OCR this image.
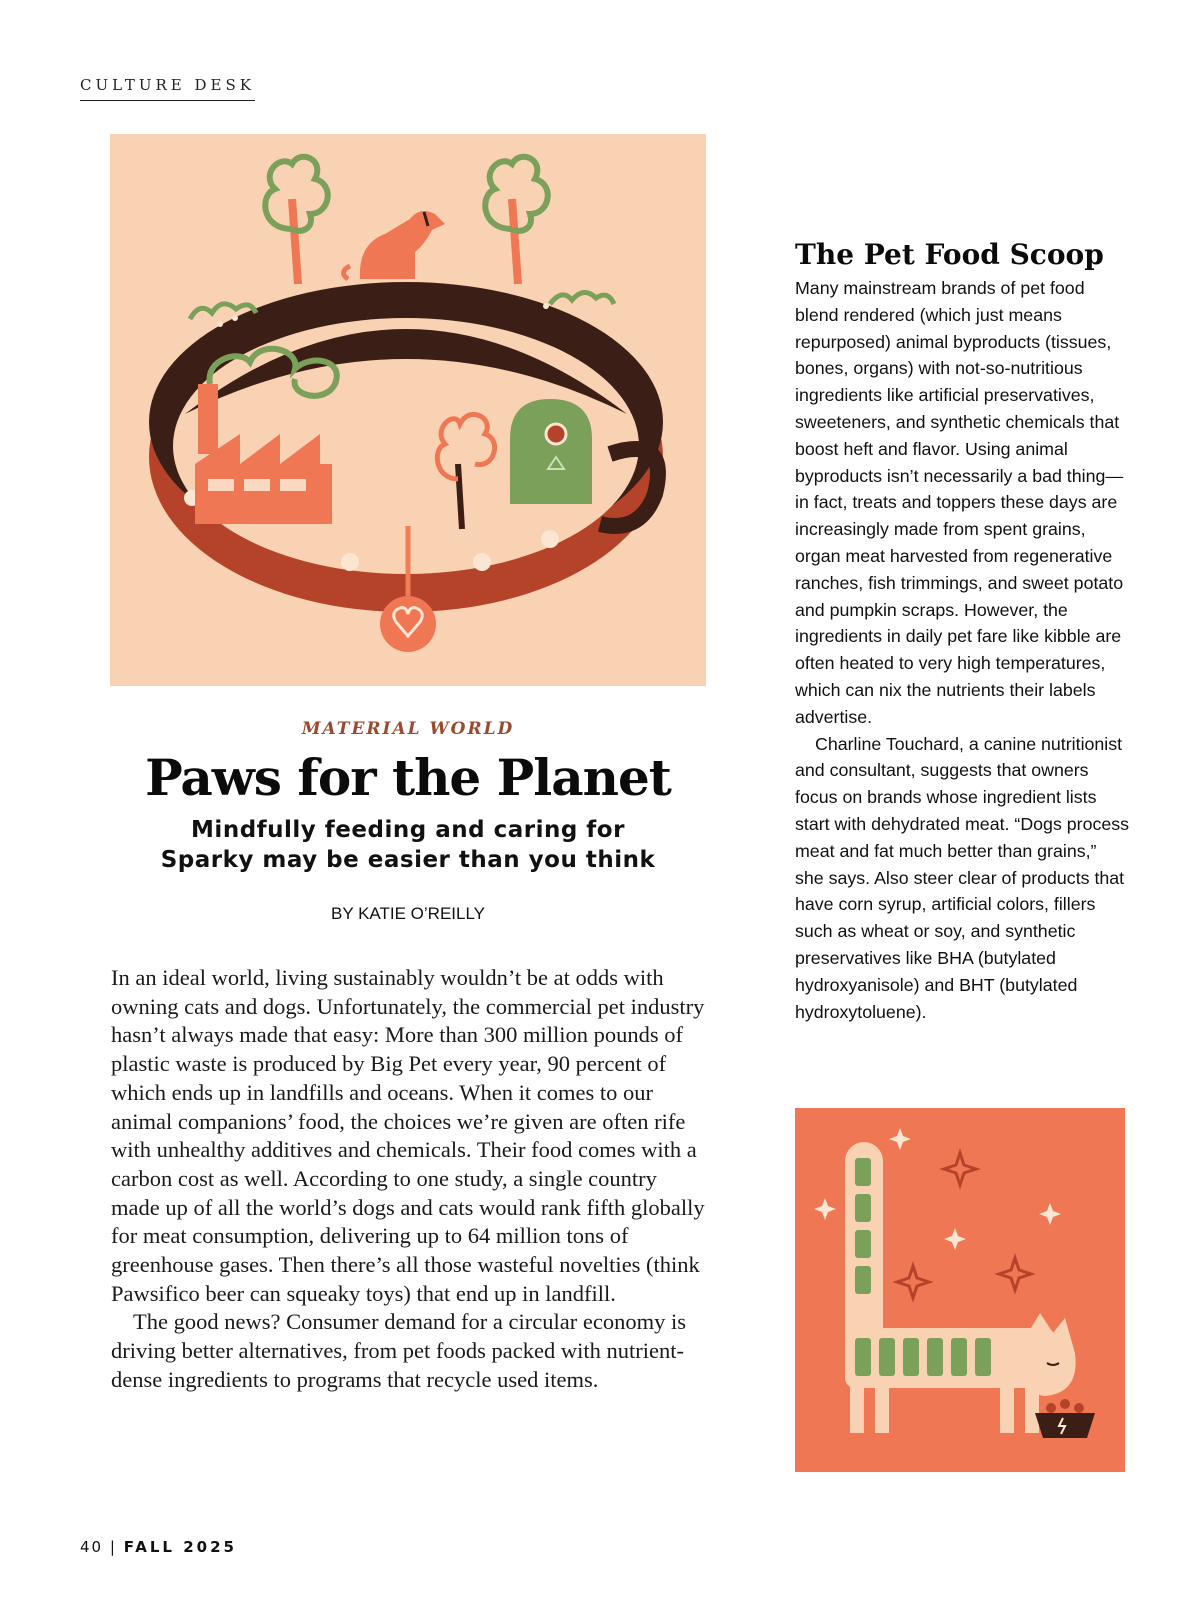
CULTURE DESK
MATERIAL WORLD
Paws for the Planet
Mindfully feeding and caring for
Sparky may be easier than you think
BY KATIE O’REILLY

In an ideal world, living sustainably wouldn’t be at odds with owning cats and dogs. Unfortunately, the commercial pet industry hasn’t always made that easy: More than 300 million pounds of plastic waste is produced by Big Pet every year, 90 percent of which ends up in landfills and oceans. When it comes to our animal companions’ food, the choices we’re given are often rife with unhealthy additives and chemicals. Their food comes with a carbon cost as well. According to one study, a single country made up of all the world’s dogs and cats would rank fifth globally for meat consumption, delivering up to 64 million tons of greenhouse gases. Then there’s all those wasteful novelties (think Pawsifico beer can squeaky toys) that end up in landfill.

The good news? Consumer demand for a circular economy is driving better alternatives, from pet foods packed with nutrient-dense ingredients to programs that recycle used items.

The Pet Food Scoop

Many mainstream brands of pet food blend rendered (which just means repurposed) animal byproducts (tissues, bones, organs) with not-so-nutritious ingredients like artificial preservatives, sweeteners, and synthetic chemicals that boost heft and flavor. Using animal byproducts isn’t necessarily a bad thing—in fact, treats and toppers these days are increasingly made from spent grains, organ meat harvested from regenerative ranches, fish trimmings, and sweet potato and pumpkin scraps. However, the ingredients in daily pet fare like kibble are often heated to very high temperatures, which can nix the nutrients their labels advertise.

Charline Touchard, a canine nutritionist and consultant, suggests that owners focus on brands whose ingredient lists start with dehydrated meat. “Dogs process meat and fat much better than grains,” she says. Also steer clear of products that have corn syrup, artificial colors, fillers such as wheat or soy, and synthetic preservatives like BHA (butylated hydroxyanisole) and BHT (butylated hydroxytoluene).

40 | FALL 2025
